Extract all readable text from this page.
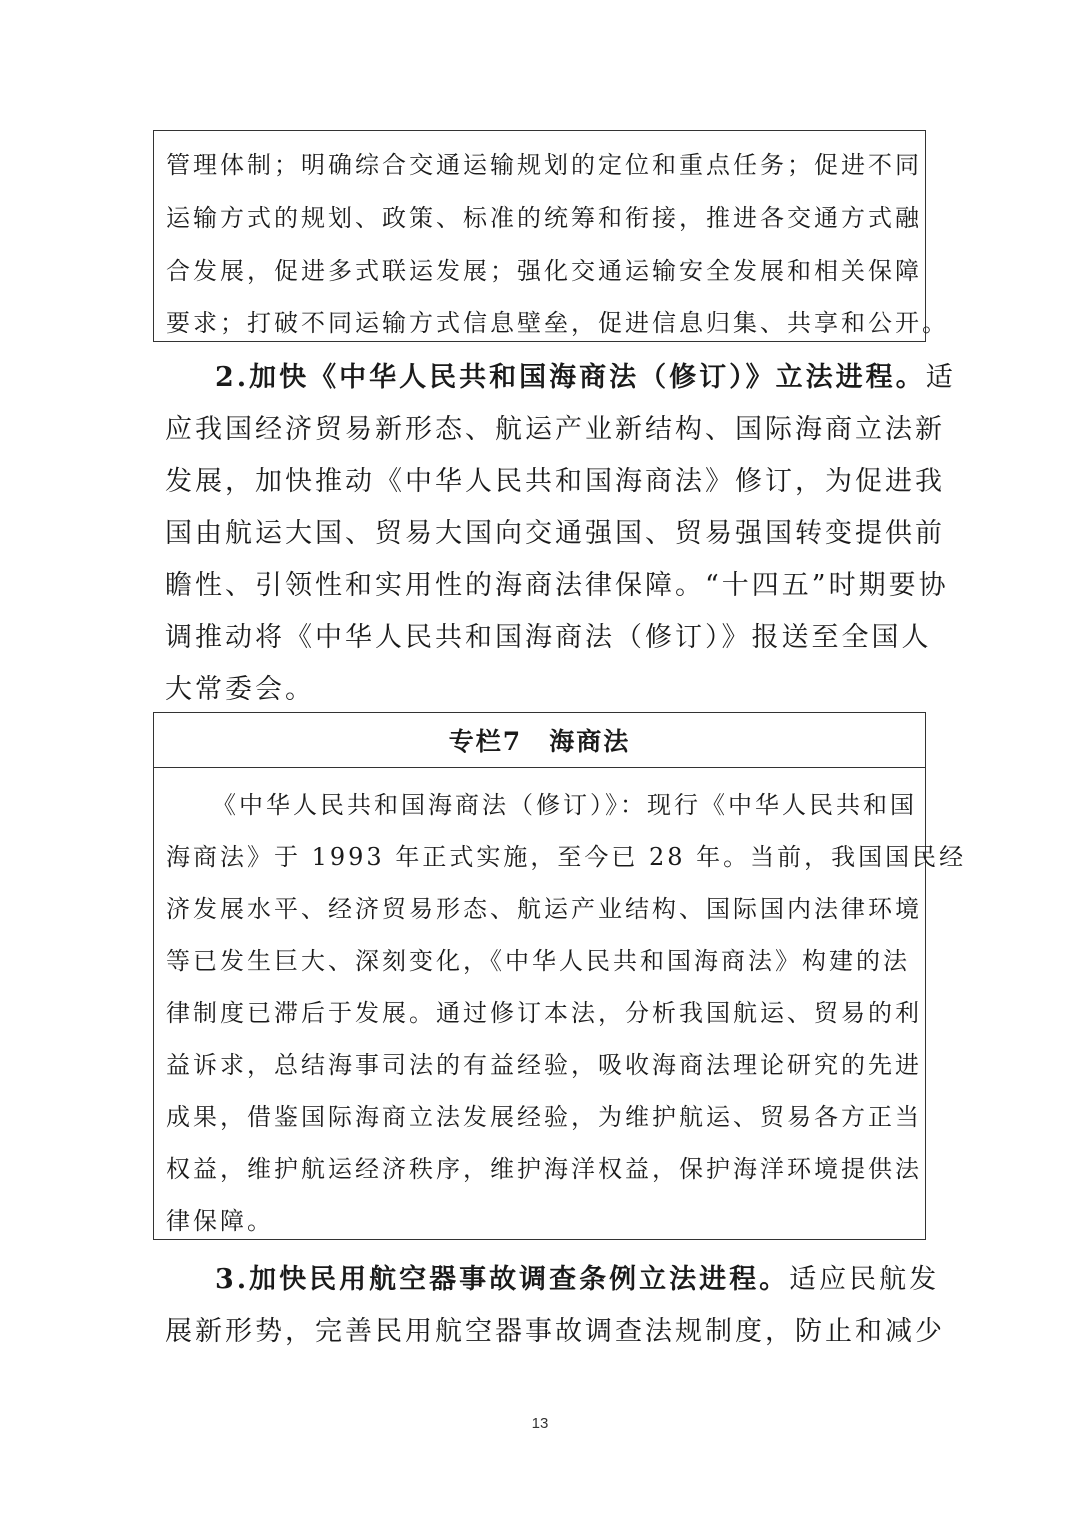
管理体制；明确综合交通运输规划的定位和重点任务；促进不同
运输方式的规划、政策、标准的统筹和衔接，推进各交通方式融
合发展，促进多式联运发展；强化交通运输安全发展和相关保障
要求；打破不同运输方式信息壁垒，促进信息归集、共享和公开。
2.加快《中华人民共和国海商法（修订）》立法进程。适
应我国经济贸易新形态、航运产业新结构、国际海商立法新
发展，加快推动《中华人民共和国海商法》修订，为促进我
国由航运大国、贸易大国向交通强国、贸易强国转变提供前
瞻性、引领性和实用性的海商法律保障。“十四五”时期要协
调推动将《中华人民共和国海商法（修订）》报送至全国人
大常委会。
专栏7　海商法
《中华人民共和国海商法（修订）》：现行《中华人民共和国
海商法》于 1993 年正式实施，至今已 28 年。当前，我国国民经
济发展水平、经济贸易形态、航运产业结构、国际国内法律环境
等已发生巨大、深刻变化，《中华人民共和国海商法》构建的法
律制度已滞后于发展。通过修订本法，分析我国航运、贸易的利
益诉求，总结海事司法的有益经验，吸收海商法理论研究的先进
成果，借鉴国际海商立法发展经验，为维护航运、贸易各方正当
权益，维护航运经济秩序，维护海洋权益，保护海洋环境提供法
律保障。
3.加快民用航空器事故调查条例立法进程。适应民航发
展新形势，完善民用航空器事故调查法规制度，防止和减少
13
